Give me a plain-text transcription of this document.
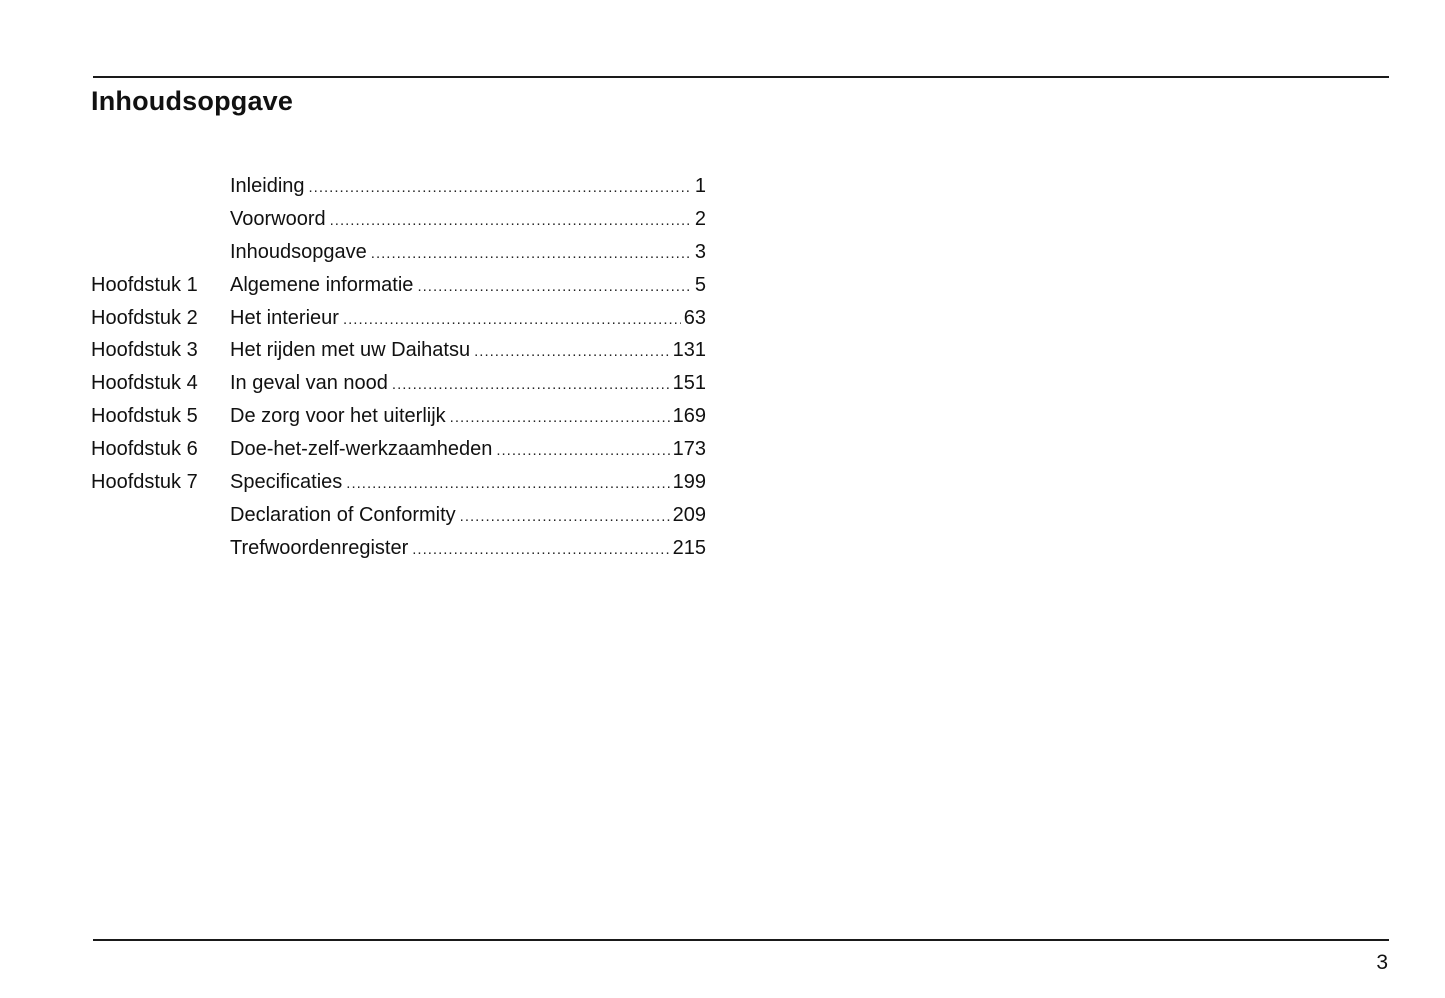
Inhoudsopgave
Inleiding .....	1
Voorwoord .....	2
Inhoudsopgave .....	3
Hoofdstuk 1	Algemene informatie .....	5
Hoofdstuk 2	Het interieur .....	63
Hoofdstuk 3	Het rijden met uw Daihatsu .....	131
Hoofdstuk 4	In geval van nood .....	151
Hoofdstuk 5	De zorg voor het uiterlijk .....	169
Hoofdstuk 6	Doe-het-zelf-werkzaamheden .....	173
Hoofdstuk 7	Specificaties .....	199
Declaration of Conformity .....	209
Trefwoordenregister .....	215
3
